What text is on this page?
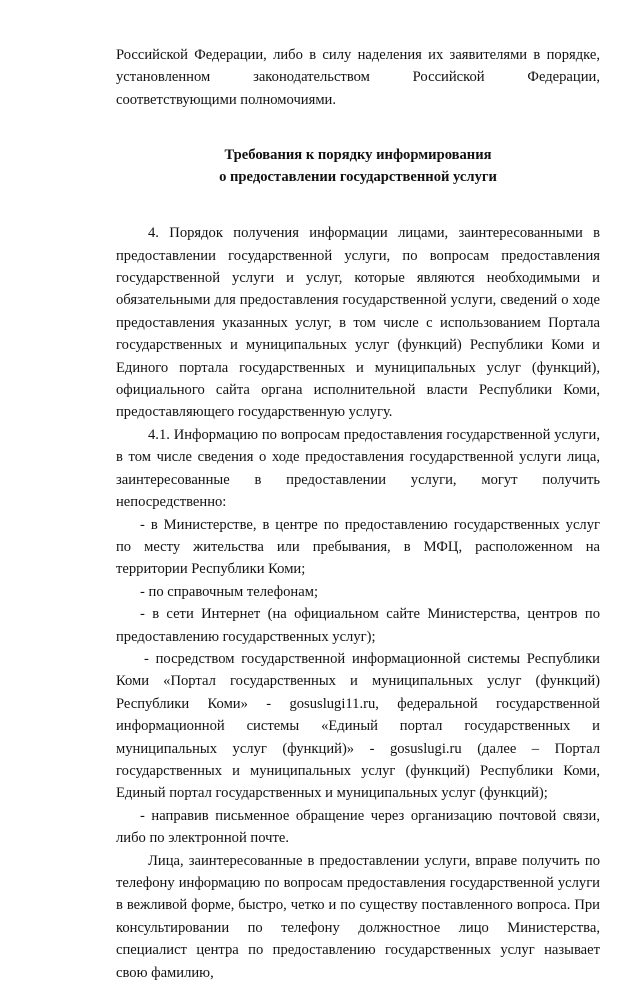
Российской Федерации, либо в силу наделения их заявителями в порядке, установленном законодательством Российской Федерации, соответствующими полномочиями.

Требования к порядку информирования
о предоставлении государственной услуги

4. Порядок получения информации лицами, заинтересованными в предоставлении государственной услуги, по вопросам предоставления государственной услуги и услуг, которые являются необходимыми и обязательными для предоставления государственной услуги, сведений о ходе предоставления указанных услуг, в том числе с использованием Портала государственных и муниципальных услуг (функций) Республики Коми и Единого портала государственных и муниципальных услуг (функций), официального сайта органа исполнительной власти Республики Коми, предоставляющего государственную услугу.

4.1. Информацию по вопросам предоставления государственной услуги, в том числе сведения о ходе предоставления государственной услуги лица, заинтересованные в предоставлении услуги, могут получить непосредственно:

- в Министерстве, в центре по предоставлению государственных услуг по месту жительства или пребывания, в МФЦ, расположенном на территории Республики Коми;

- по справочным телефонам;

- в сети Интернет (на официальном сайте Министерства, центров по предоставлению государственных услуг);

- посредством государственной информационной системы Республики Коми «Портал государственных и муниципальных услуг (функций) Республики Коми» - gosuslugi11.ru, федеральной государственной информационной системы «Единый портал государственных и муниципальных услуг (функций)» - gosuslugi.ru (далее – Портал государственных и муниципальных услуг (функций) Республики Коми, Единый портал государственных и муниципальных услуг (функций);

- направив письменное обращение через организацию почтовой связи, либо по электронной почте.

Лица, заинтересованные в предоставлении услуги, вправе получить по телефону информацию по вопросам предоставления государственной услуги в вежливой форме, быстро, четко и по существу поставленного вопроса. При консультировании по телефону должностное лицо Министерства, специалист центра по предоставлению государственных услуг называет свою фамилию,
